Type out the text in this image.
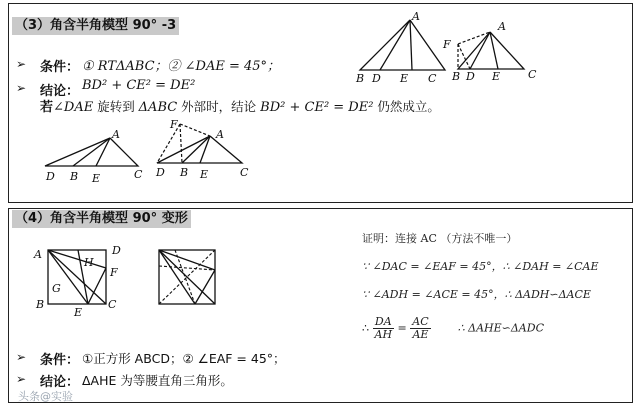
（3）角含半角模型 90° -3
➢ 条件： ① RTΔABC；② ∠DAE = 45°；
➢ 结论： BD² + CE² = DE²
若∠DAE 旋转到 ΔABC 外部时，结论 BD² + CE² = DE² 仍然成立。
A
B D E C
A
F
B D E	C
A
D B E	C
F
A
D B E	C
（4）角含半角模型 90° 变形
A	D
H
F
G
B
E
C
证明：连接 AC （方法不唯一）
∵ ∠DAC = ∠EAF = 45°，∴ ∠DAH = ∠CAE
∵ ∠ADH = ∠ACE = 45°，∴ ΔADH∽ΔACE
∴ $\frac{DA}{AH} = \frac{AC}{AE}$ ∴ ΔAHE∽ΔADC
➢ 条件： ①正方形 ABCD；② ∠EAF = 45°；
➢ 结论： ΔAHE 为等腰直角三角形。
头条@实验
